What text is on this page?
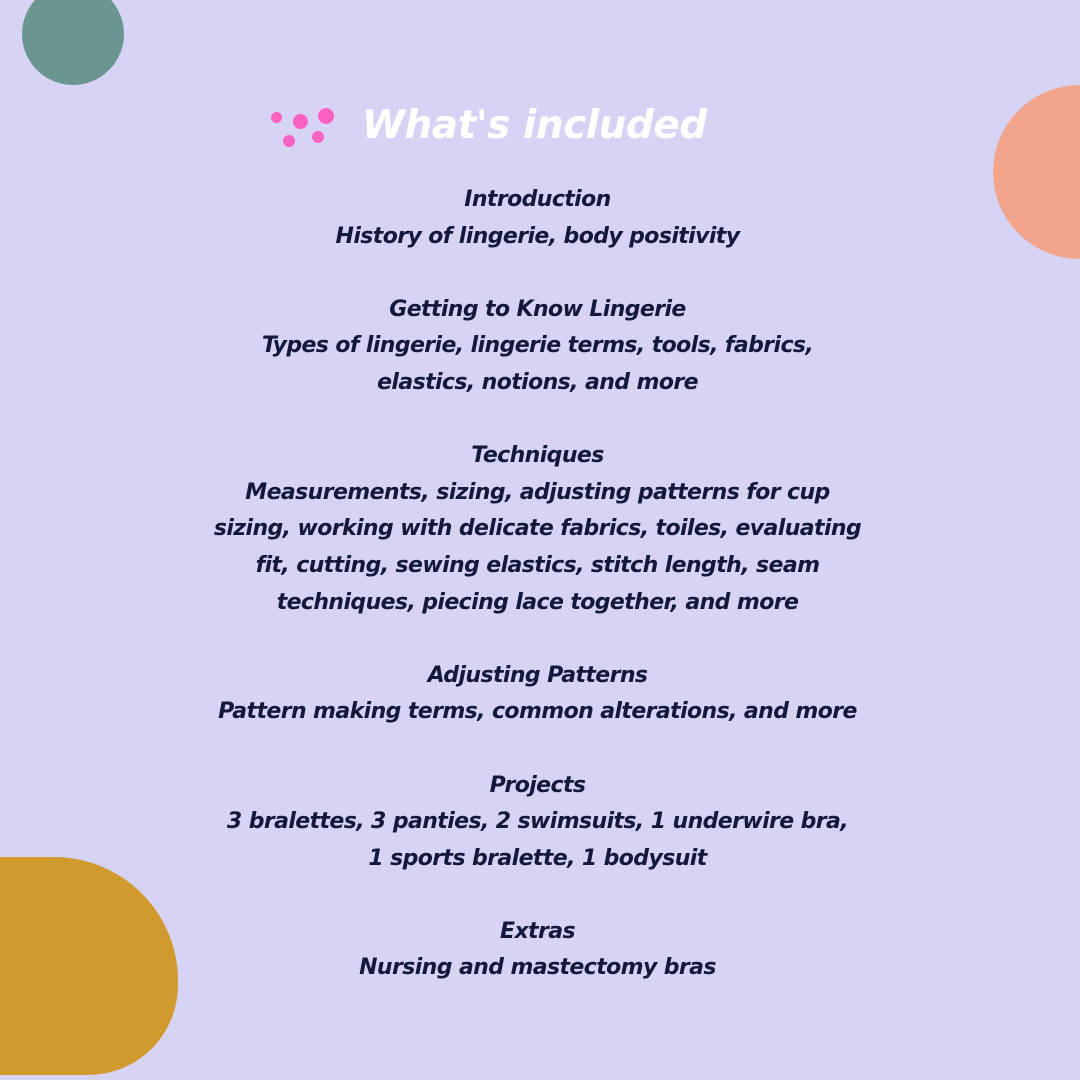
What's included

Introduction

History of lingerie, body positivity

Getting to Know Lingerie

Types of lingerie, lingerie terms, tools, fabrics,

elastics, notions, and more

Techniques

Measurements, sizing, adjusting patterns for cup

sizing, working with delicate fabrics, toiles, evaluating

fit, cutting, sewing elastics, stitch length, seam

techniques, piecing lace together, and more

Adjusting Patterns

Pattern making terms, common alterations, and more

Projects

3 bralettes, 3 panties, 2 swimsuits, 1 underwire bra,

1 sports bralette, 1 bodysuit

Extras

Nursing and mastectomy bras
